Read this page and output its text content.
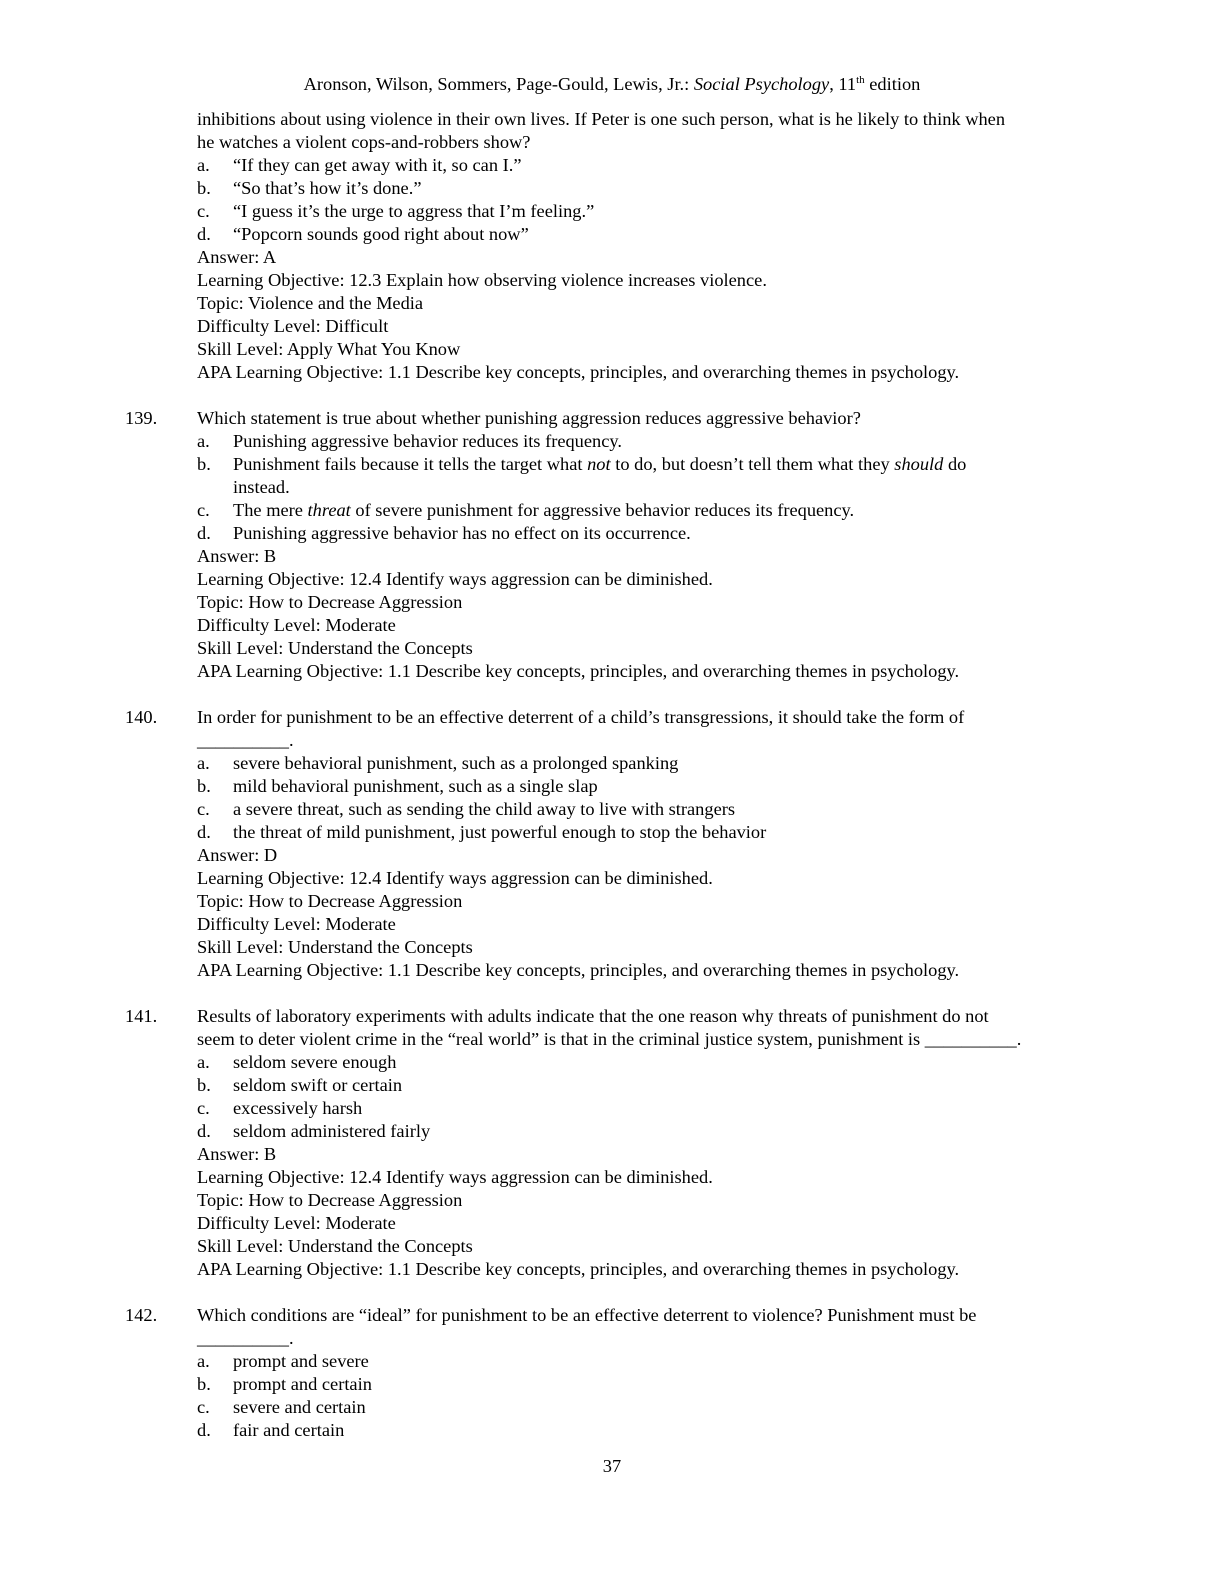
Aronson, Wilson, Sommers, Page-Gould, Lewis, Jr.: Social Psychology, 11th edition
inhibitions about using violence in their own lives. If Peter is one such person, what is he likely to think when
he watches a violent cops-and-robbers show?
a. “If they can get away with it, so can I.”
b. “So that’s how it’s done.”
c. “I guess it’s the urge to aggress that I’m feeling.”
d. “Popcorn sounds good right about now”
Answer: A
Learning Objective: 12.3 Explain how observing violence increases violence.
Topic: Violence and the Media
Difficulty Level: Difficult
Skill Level: Apply What You Know
APA Learning Objective: 1.1 Describe key concepts, principles, and overarching themes in psychology.
139. Which statement is true about whether punishing aggression reduces aggressive behavior?
a. Punishing aggressive behavior reduces its frequency.
b. Punishment fails because it tells the target what not to do, but doesn’t tell them what they should do
instead.
c. The mere threat of severe punishment for aggressive behavior reduces its frequency.
d. Punishing aggressive behavior has no effect on its occurrence.
Answer: B
Learning Objective: 12.4 Identify ways aggression can be diminished.
Topic: How to Decrease Aggression
Difficulty Level: Moderate
Skill Level: Understand the Concepts
APA Learning Objective: 1.1 Describe key concepts, principles, and overarching themes in psychology.
140. In order for punishment to be an effective deterrent of a child’s transgressions, it should take the form of
__________.
a. severe behavioral punishment, such as a prolonged spanking
b. mild behavioral punishment, such as a single slap
c. a severe threat, such as sending the child away to live with strangers
d. the threat of mild punishment, just powerful enough to stop the behavior
Answer: D
Learning Objective: 12.4 Identify ways aggression can be diminished.
Topic: How to Decrease Aggression
Difficulty Level: Moderate
Skill Level: Understand the Concepts
APA Learning Objective: 1.1 Describe key concepts, principles, and overarching themes in psychology.
141. Results of laboratory experiments with adults indicate that the one reason why threats of punishment do not
seem to deter violent crime in the “real world” is that in the criminal justice system, punishment is __________.
a. seldom severe enough
b. seldom swift or certain
c. excessively harsh
d. seldom administered fairly
Answer: B
Learning Objective: 12.4 Identify ways aggression can be diminished.
Topic: How to Decrease Aggression
Difficulty Level: Moderate
Skill Level: Understand the Concepts
APA Learning Objective: 1.1 Describe key concepts, principles, and overarching themes in psychology.
142. Which conditions are “ideal” for punishment to be an effective deterrent to violence? Punishment must be
__________.
a. prompt and severe
b. prompt and certain
c. severe and certain
d. fair and certain
37
